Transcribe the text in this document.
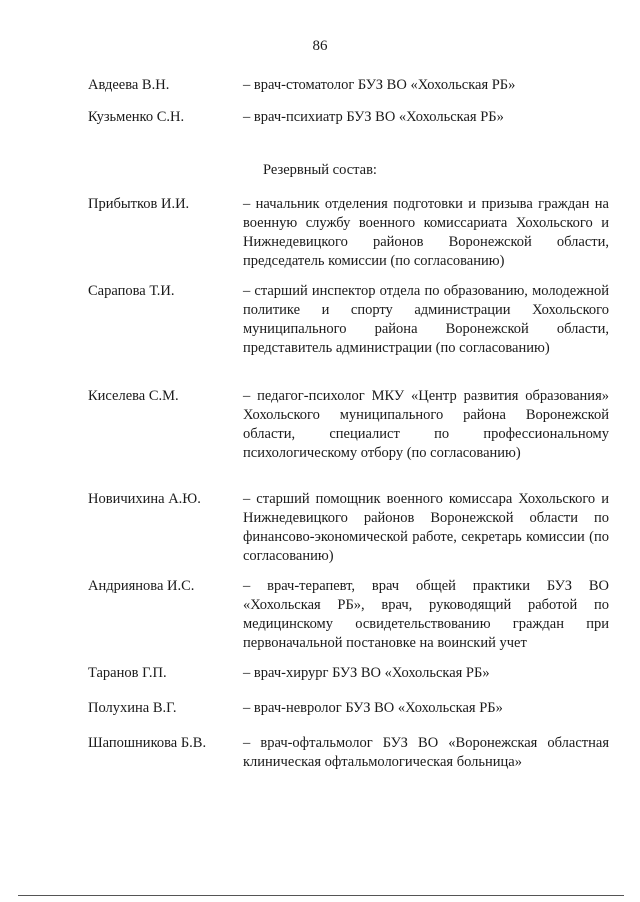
86
Авдеева В.Н.	– врач-стоматолог БУЗ ВО «Хохольская РБ»
Кузьменко С.Н.	– врач-психиатр БУЗ ВО «Хохольская РБ»
Резервный состав:
Прибытков И.И.	– начальник отделения подготовки и призыва граждан на военную службу военного комиссариата Хохольского и Нижнедевицкого районов Воронежской области, председатель комиссии (по согласованию)
Сарапова Т.И.	– старший инспектор отдела по образованию, молодежной политике и спорту администрации Хохольского муниципального района Воронежской области, представитель администрации (по согласованию)
Киселева С.М.	– педагог-психолог МКУ «Центр развития образования» Хохольского муниципального района Воронежской области, специалист по профессиональному психологическому отбору (по согласованию)
Новичихина А.Ю.	– старший помощник военного комиссара Хохольского и Нижнедевицкого районов Воронежской области по финансово-экономической работе, секретарь комиссии (по согласованию)
Андриянова И.С.	– врач-терапевт, врач общей практики БУЗ ВО «Хохольская РБ», врач, руководящий работой по медицинскому освидетельствованию граждан при первоначальной постановке на воинский учет
Таранов Г.П.	– врач-хирург БУЗ ВО «Хохольская РБ»
Полухина В.Г.	– врач-невролог БУЗ ВО «Хохольская РБ»
Шапошникова Б.В.	– врач-офтальмолог БУЗ ВО «Воронежская областная клиническая офтальмологическая больница»
